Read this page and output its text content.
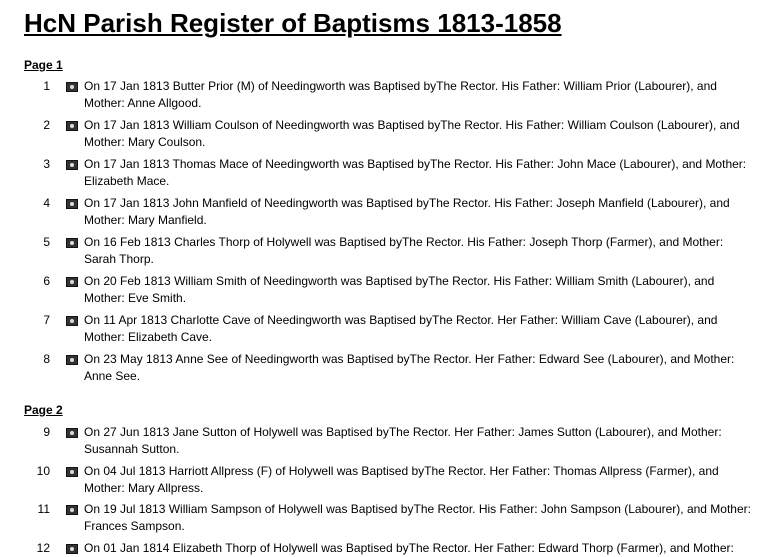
HcN Parish Register of Baptisms 1813-1858
Page 1
1	On 17 Jan 1813 Butter Prior (M) of Needingworth was Baptised byThe Rector. His Father: William Prior (Labourer), and Mother: Anne Allgood.
2	On 17 Jan 1813 William Coulson of Needingworth was Baptised byThe Rector. His Father: William Coulson (Labourer), and Mother: Mary Coulson.
3	On 17 Jan 1813 Thomas Mace of Needingworth was Baptised byThe Rector. His Father: John Mace (Labourer), and Mother: Elizabeth Mace.
4	On 17 Jan 1813 John Manfield of Needingworth was Baptised byThe Rector. His Father: Joseph Manfield (Labourer), and Mother: Mary Manfield.
5	On 16 Feb 1813 Charles Thorp of Holywell was Baptised byThe Rector. His Father: Joseph Thorp (Farmer), and Mother: Sarah Thorp.
6	On 20 Feb 1813 William Smith of Needingworth was Baptised byThe Rector. His Father: William Smith (Labourer), and Mother: Eve Smith.
7	On 11 Apr 1813 Charlotte Cave of Needingworth was Baptised byThe Rector. Her Father: William Cave (Labourer), and Mother: Elizabeth Cave.
8	On 23 May 1813 Anne See of Needingworth was Baptised byThe Rector. Her Father: Edward See (Labourer), and Mother: Anne See.
Page 2
9	On 27 Jun 1813 Jane Sutton of Holywell was Baptised byThe Rector. Her Father: James Sutton (Labourer), and Mother: Susannah Sutton.
10	On 04 Jul 1813 Harriott Allpress (F) of Holywell was Baptised byThe Rector. Her Father: Thomas Allpress (Farmer), and Mother: Mary Allpress.
11	On 19 Jul 1813 William Sampson of Holywell was Baptised byThe Rector. His Father: John Sampson (Labourer), and Mother: Frances Sampson.
12	On 01 Jan 1814 Elizabeth Thorp of Holywell was Baptised byThe Rector. Her Father: Edward Thorp (Farmer), and Mother:
